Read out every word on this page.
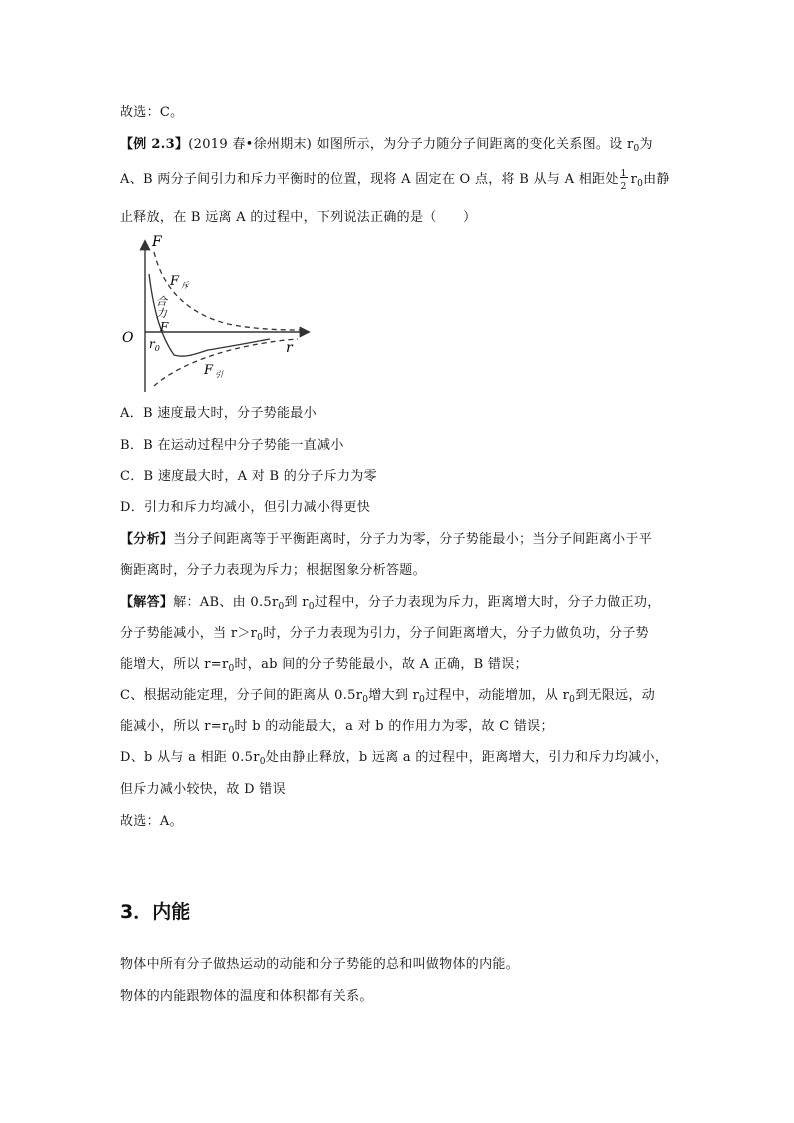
故选：C。
【例 2.3】(2019 春•徐州期末) 如图所示，为分子力随分子间距离的变化关系图。设 $r_0$为
A、B 两分子间引力和斥力平衡时的位置，现将 A 固定在 O 点，将 B 从与 A 相距处 1
2 $r_0$由静
止释放，在 B 远离 A 的过程中，下列说法正确的是（　　）
F
O
r
F $_斥$
合
力
F
$r_0$
F $_引$
A．B 速度最大时，分子势能最小
B．B 在运动过程中分子势能一直减小
C．B 速度最大时，A 对 B 的分子斥力为零
D．引力和斥力均减小，但引力减小得更快
【分析】当分子间距离等于平衡距离时，分子力为零，分子势能最小；当分子间距离小于平
衡距离时，分子力表现为斥力；根据图象分析答题。
【解答】解：AB、由 $0.5r_0$到 $r_0$过程中，分子力表现为斥力，距离增大时，分子力做正功，
分子势能减小，当 $r>r_0$时，分子力表现为引力，分子间距离增大，分子力做负功，分子势
能增大，所以 $r=r_0$时，ab 间的分子势能最小，故 A 正确，B 错误；
C、根据动能定理，分子间的距离从 $0.5r_0$增大到 $r_0$过程中，动能增加，从 $r_0$到无限远，动
能减小，所以 $r=r_0$时 b 的动能最大，a 对 b 的作用力为零，故 C 错误；
D、b 从与 a 相距 $0.5r_0$处由静止释放，b 远离 a 的过程中，距离增大，引力和斥力均减小，
但斥力减小较快，故 D 错误
故选：A。
3．内能
物体中所有分子做热运动的动能和分子势能的总和叫做物体的内能。
物体的内能跟物体的温度和体积都有关系。
